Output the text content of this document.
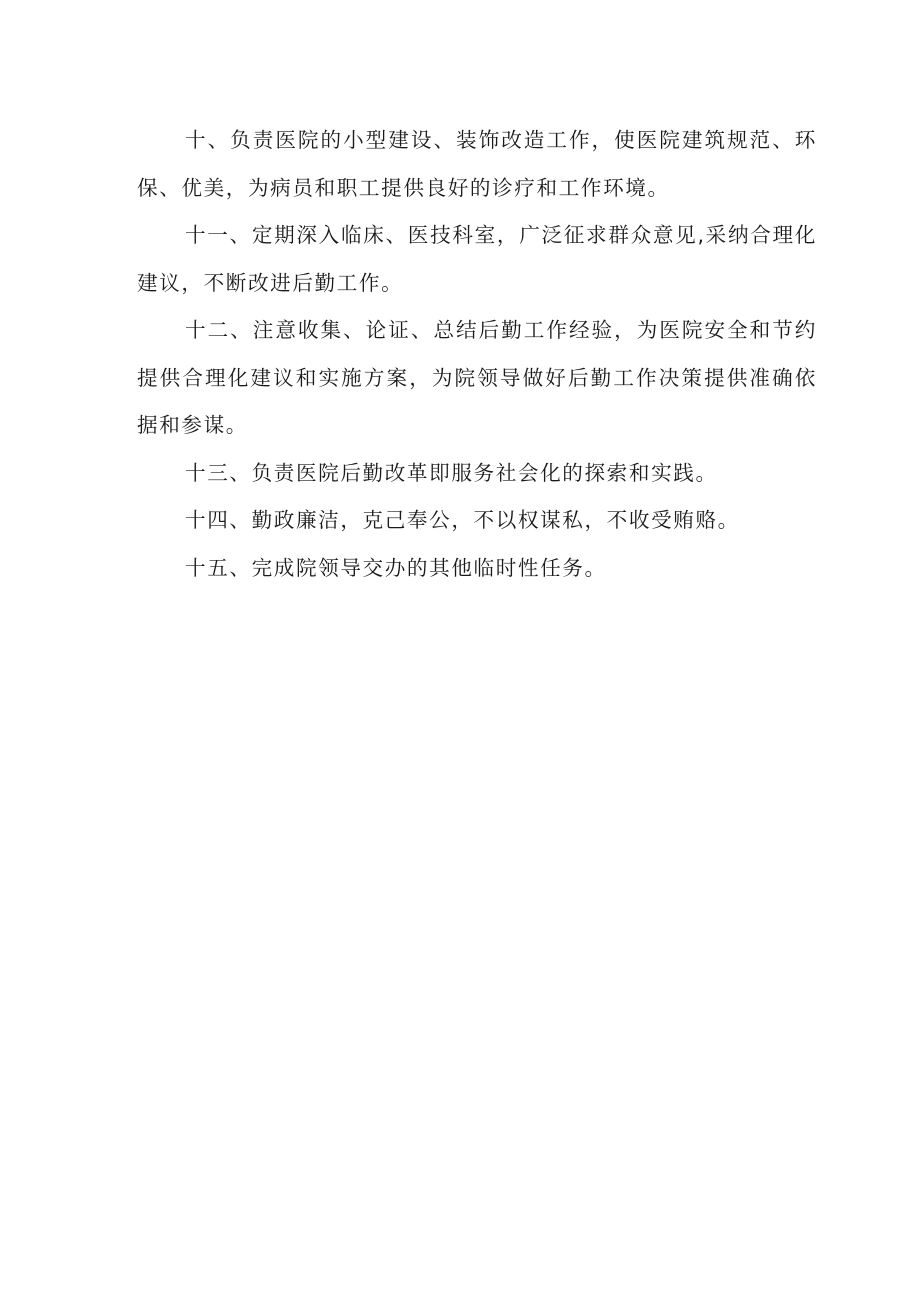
十、负责医院的小型建设、装饰改造工作，使医院建筑规范、环保、优美，为病员和职工提供良好的诊疗和工作环境。

十一、定期深入临床、医技科室，广泛征求群众意见,采纳合理化建议，不断改进后勤工作。

十二、注意收集、论证、总结后勤工作经验，为医院安全和节约提供合理化建议和实施方案，为院领导做好后勤工作决策提供准确依据和参谋。

十三、负责医院后勤改革即服务社会化的探索和实践。

十四、勤政廉洁，克己奉公，不以权谋私，不收受贿赂。

十五、完成院领导交办的其他临时性任务。
